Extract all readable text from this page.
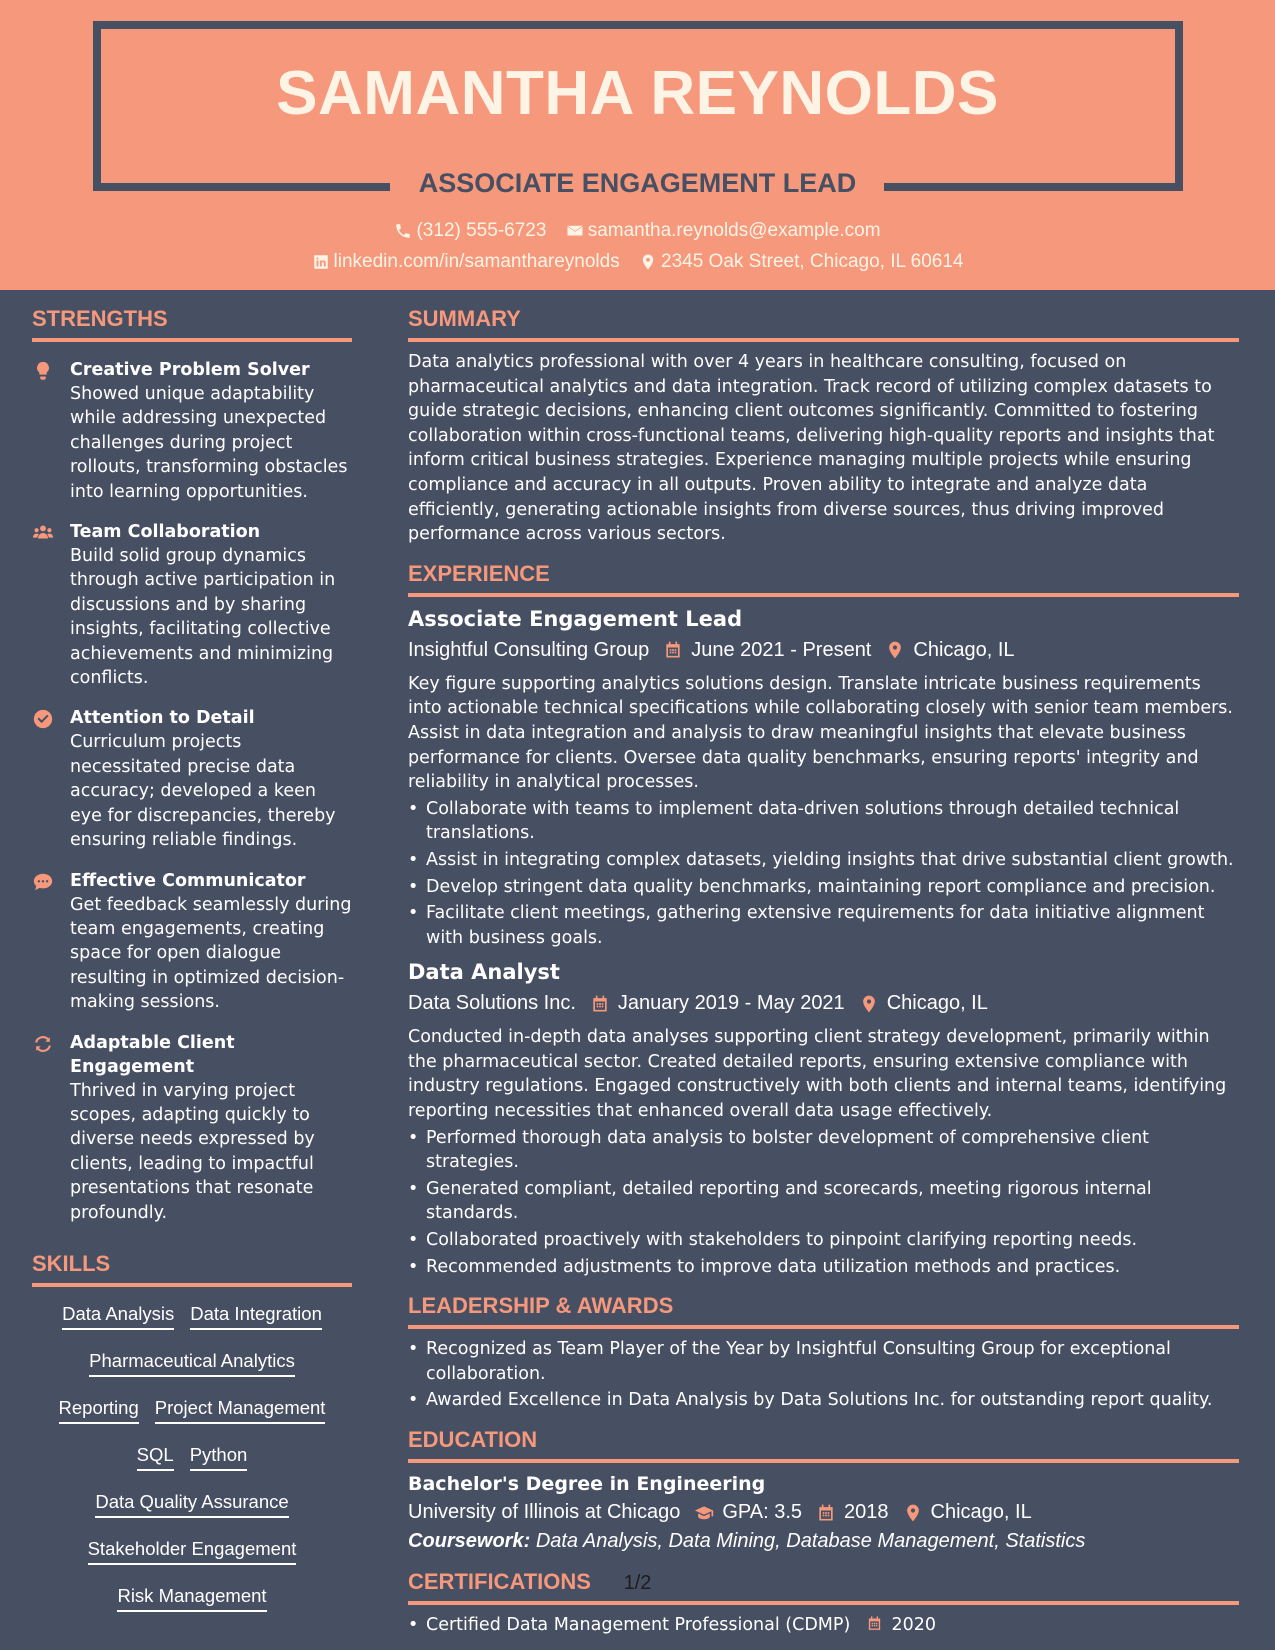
SAMANTHA REYNOLDS
ASSOCIATE ENGAGEMENT LEAD
(312) 555-6723
samantha.reynolds@example.com
linkedin.com/in/samanthareynolds
2345 Oak Street, Chicago, IL 60614
STRENGTHS
Creative Problem Solver
Showed unique adaptability while addressing unexpected challenges during project rollouts, transforming obstacles into learning opportunities.
Team Collaboration
Build solid group dynamics through active participation in discussions and by sharing insights, facilitating collective achievements and minimizing conflicts.
Attention to Detail
Curriculum projects necessitated precise data accuracy; developed a keen eye for discrepancies, thereby ensuring reliable findings.
Effective Communicator
Get feedback seamlessly during team engagements, creating space for open dialogue resulting in optimized decision-making sessions.
Adaptable Client Engagement
Thrived in varying project scopes, adapting quickly to diverse needs expressed by clients, leading to impactful presentations that resonate profoundly.
SKILLS
Data Analysis Data Integration
Pharmaceutical Analytics
Reporting Project Management
SQL Python
Data Quality Assurance
Stakeholder Engagement
Risk Management
SUMMARY

Data analytics professional with over 4 years in healthcare consulting, focused on pharmaceutical analytics and data integration. Track record of utilizing complex datasets to guide strategic decisions, enhancing client outcomes significantly. Committed to fostering collaboration within cross-functional teams, delivering high-quality reports and insights that inform critical business strategies. Experience managing multiple projects while ensuring compliance and accuracy in all outputs. Proven ability to integrate and analyze data efficiently, generating actionable insights from diverse sources, thus driving improved performance across various sectors.

EXPERIENCE
Associate Engagement Lead
Insightful Consulting Group June 2021 - Present Chicago, IL

Key figure supporting analytics solutions design. Translate intricate business requirements into actionable technical specifications while collaborating closely with senior team members. Assist in data integration and analysis to draw meaningful insights that elevate business performance for clients. Oversee data quality benchmarks, ensuring reports' integrity and reliability in analytical processes.

• Collaborate with teams to implement data-driven solutions through detailed technical translations.
• Assist in integrating complex datasets, yielding insights that drive substantial client growth.
• Develop stringent data quality benchmarks, maintaining report compliance and precision.
• Facilitate client meetings, gathering extensive requirements for data initiative alignment with business goals.
Data Analyst
Data Solutions Inc. January 2019 - May 2021 Chicago, IL

Conducted in-depth data analyses supporting client strategy development, primarily within the pharmaceutical sector. Created detailed reports, ensuring extensive compliance with industry regulations. Engaged constructively with both clients and internal teams, identifying reporting necessities that enhanced overall data usage effectively.

• Performed thorough data analysis to bolster development of comprehensive client strategies.
• Generated compliant, detailed reporting and scorecards, meeting rigorous internal standards.
• Collaborated proactively with stakeholders to pinpoint clarifying reporting needs.
• Recommended adjustments to improve data utilization methods and practices.
LEADERSHIP & AWARDS
• Recognized as Team Player of the Year by Insightful Consulting Group for exceptional collaboration.
• Awarded Excellence in Data Analysis by Data Solutions Inc. for outstanding report quality.
EDUCATION
Bachelor's Degree in Engineering
University of Illinois at Chicago GPA: 3.5 2018 Chicago, IL
Coursework: Data Analysis, Data Mining, Database Management, Statistics
CERTIFICATIONS
• Certified Data Management Professional (CDMP) 2020
1/2
